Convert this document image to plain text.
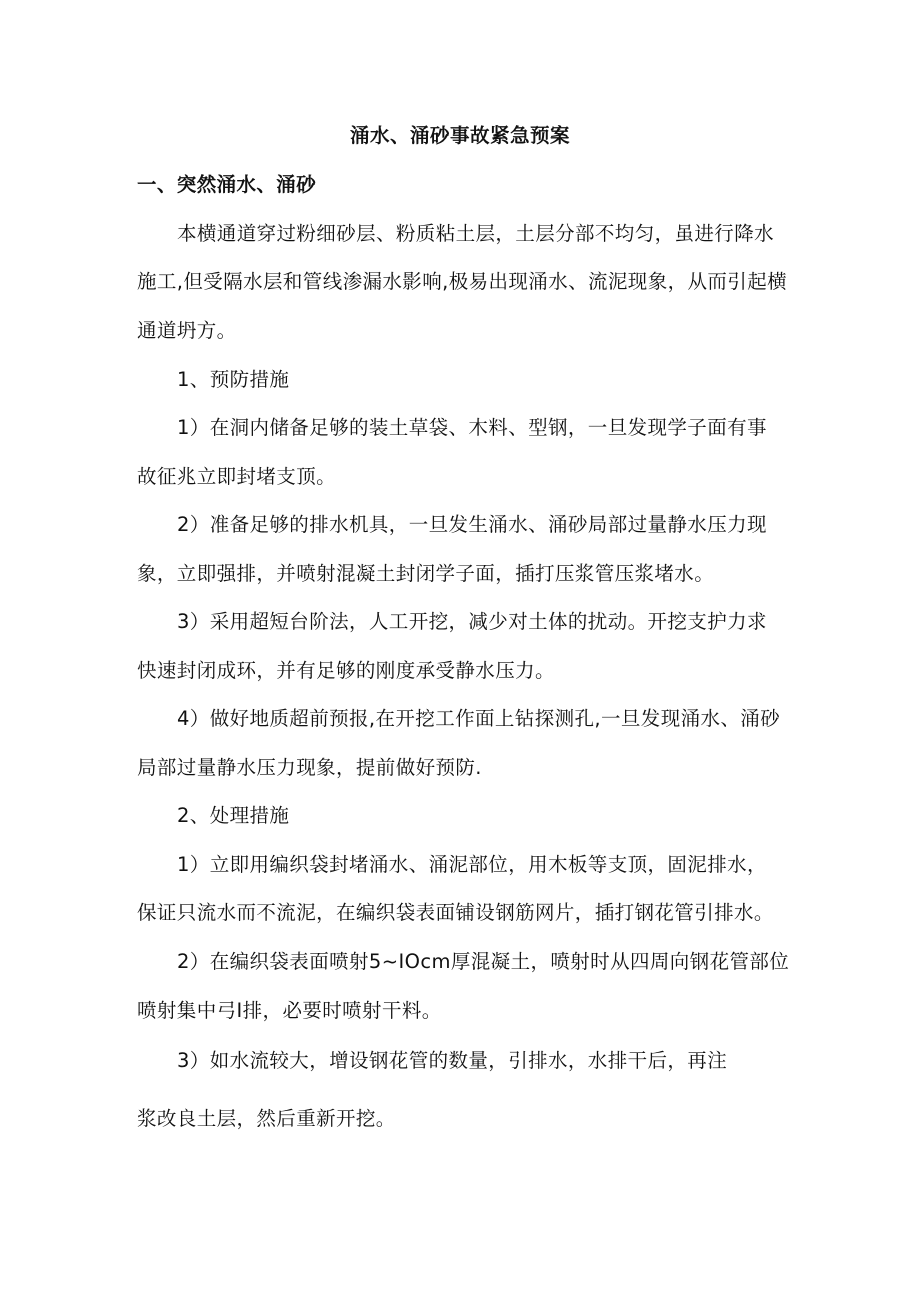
涌水、涌砂事故紧急预案
一、突然涌水、涌砂
本横通道穿过粉细砂层、粉质粘土层，土层分部不均匀，虽进行降水
施工,但受隔水层和管线渗漏水影响,极易出现涌水、流泥现象，从而引起横
通道坍方。
1、预防措施
1）在洞内储备足够的装土草袋、木料、型钢，一旦发现学子面有事
故征兆立即封堵支顶。
2）准备足够的排水机具，一旦发生涌水、涌砂局部过量静水压力现
象，立即强排，并喷射混凝土封闭学子面，插打压浆管压浆堵水。
3）采用超短台阶法，人工开挖，减少对土体的扰动。开挖支护力求
快速封闭成环，并有足够的刚度承受静水压力。
4）做好地质超前预报,在开挖工作面上钻探测孔,一旦发现涌水、涌砂
局部过量静水压力现象，提前做好预防.
2、处理措施
1）立即用编织袋封堵涌水、涌泥部位，用木板等支顶，固泥排水，
保证只流水而不流泥，在编织袋表面铺设钢筋网片，插打钢花管引排水。
2）在编织袋表面喷射5~IOcm厚混凝土，喷射时从四周向钢花管部位
喷射集中弓I排，必要时喷射干料。
3）如水流较大，增设钢花管的数量，引排水，水排干后，再注
浆改良土层，然后重新开挖。
